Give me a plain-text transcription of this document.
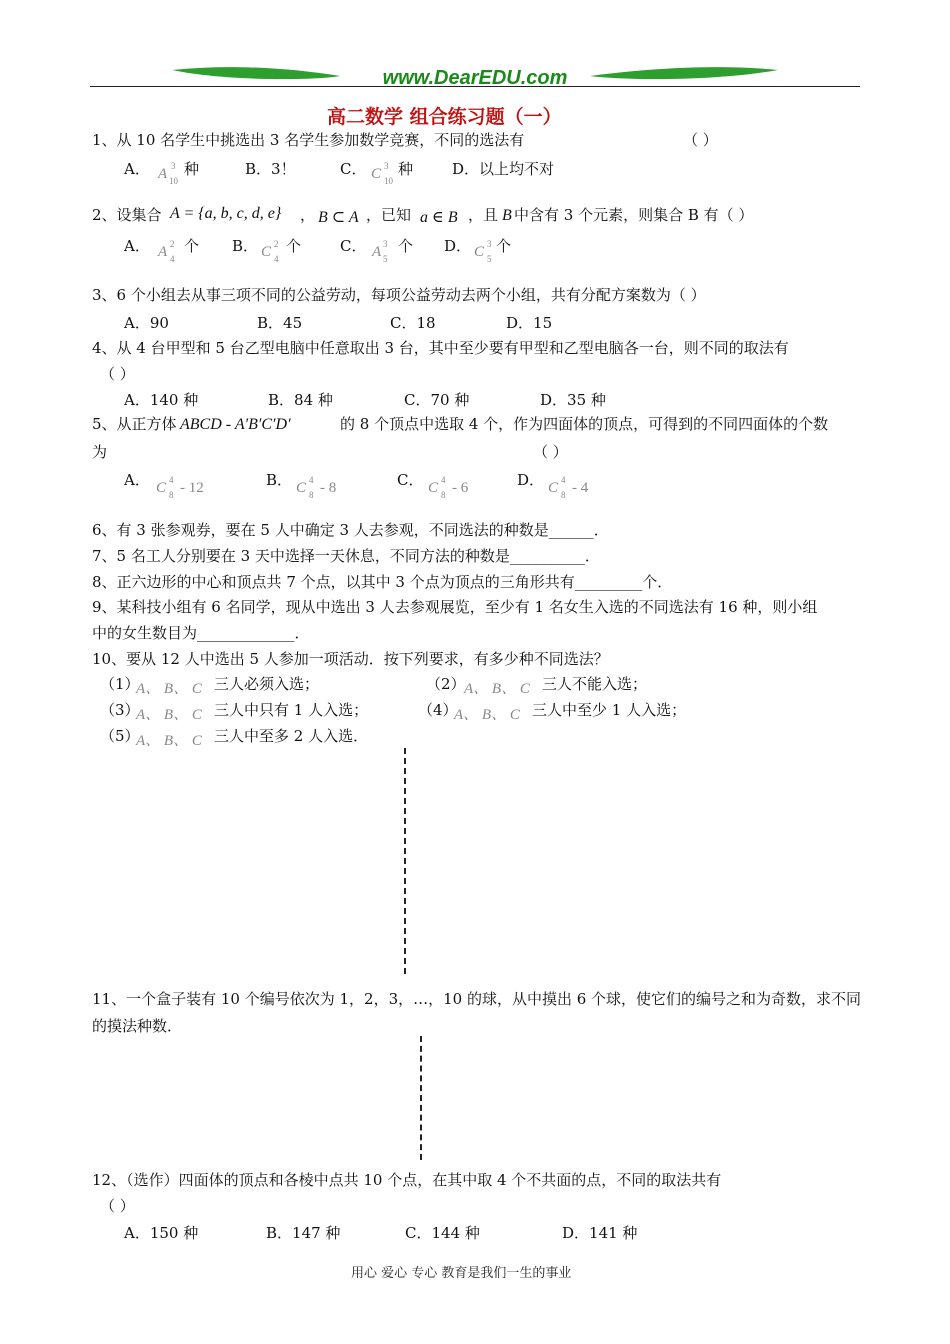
www.DearEDU.com
高二数学 组合练习题（一）
1、从 10 名学生中挑选出 3 名学生参加数学竞赛，不同的选法有	（ ）
A． A 3
10
种	B．3！	C． C 3
10
种	D．以上均不对
2、设集合 A = {a, b, c, d, e} ， B ⊂ A ，已知 a ∈ B ，且 B 中含有 3 个元素，则集合 B 有（ ）
A． A 2
4
个 B． C 2
4
个	C． A 3
5
个 D． C 3
5
个
3、6 个小组去从事三项不同的公益劳动，每项公益劳动去两个小组，共有分配方案数为（ ）
A．90	B．45	C．18	D．15
4、从 4 台甲型和 5 台乙型电脑中任意取出 3 台，其中至少要有甲型和乙型电脑各一台，则不同的取法有
（ ）
A．140 种	B．84 种	C．70 种	D．35 种
5、从正方体 ABCD - A′B′C′D′	的 8 个顶点中选取 4 个，作为四面体的顶点，可得到的不同四面体的个数
为	（ ）
A． C 4
8 - 12	B． C 4
8 - 8	C． C 4
8 - 6	D． C 4
8 - 4
6、有 3 张参观券，要在 5 人中确定 3 人去参观，不同选法的种数是______．
7、5 名工人分别要在 3 天中选择一天休息，不同方法的种数是__________．
8、正六边形的中心和顶点共 7 个点，以其中 3 个点为顶点的三角形共有_________个．
9、某科技小组有 6 名同学，现从中选出 3 人去参观展览，至少有 1 名女生入选的不同选法有 16 种，则小组
中的女生数目为_____________．
10、要从 12 人中选出 5 人参加一项活动．按下列要求，有多少种不同选法？
（1）
A、 B、 C 三人必须入选；	（2）
A、 B、 C 三人不能入选；
（3）
A、 B、 C 三人中只有 1 人入选；	（4）
A、 B、 C 三人中至少 1 人入选；
（5）
A、 B、 C 三人中至多 2 人入选．
11、一个盒子装有 10 个编号依次为 1，2，3，…，10 的球，从中摸出 6 个球，使它们的编号之和为奇数，求不同
的摸法种数．
12、（选作）四面体的顶点和各棱中点共 10 个点，在其中取 4 个不共面的点，不同的取法共有
（ ）
A．150 种	B．147 种	C．144 种	D．141 种
用心 爱心 专心 教育是我们一生的事业
